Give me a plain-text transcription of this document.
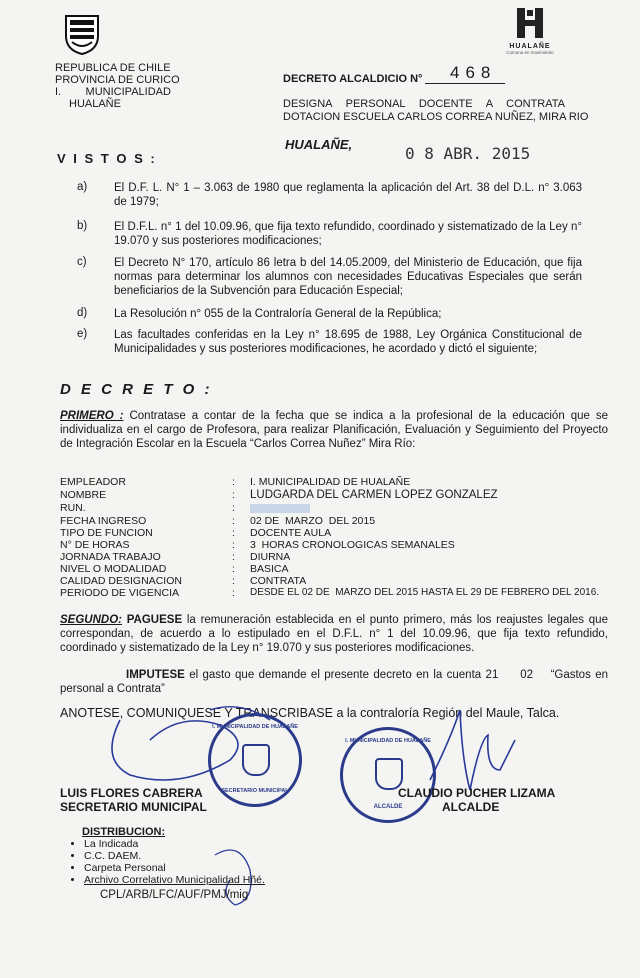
REPUBLICA DE CHILE
PROVINCIA DE CURICO
I.        MUNICIPALIDAD
HUALAÑE
HUALAÑE
Comuna en movimiento
DECRETO ALCALDICIO N° 468
DESIGNA PERSONAL DOCENTE A CONTRATA
DOTACION ESCUELA CARLOS CORREA NUÑEZ, MIRA RIO
HUALAÑE,	0 8 ABR. 2015
V I S T O S :
a) El D.F. L. N° 1 – 3.063 de 1980 que reglamenta la aplicación del Art. 38 del D.L. n° 3.063 de 1979;
b) El D.F.L. n° 1 del 10.09.96, que fija texto refundido, coordinado y sistematizado de la Ley n° 19.070 y sus posteriores modificaciones;
c) El Decreto N° 170, artículo 86 letra b del 14.05.2009, del Ministerio de Educación, que fija normas para determinar los alumnos con necesidades Educativas Especiales que serán beneficiarios de la Subvención para Educación Especial;
d) La Resolución n° 055 de la Contraloría General de la República;
e) Las facultades conferidas en la Ley n° 18.695 de 1988, Ley Orgánica Constitucional de Municipalidades y sus posteriores modificaciones, he acordado y dictó el siguiente;
D E C R E T O :
PRIMERO : Contratase a contar de la fecha que se indica a la profesional de la educación que se individualiza en el cargo de Profesora, para realizar Planificación, Evaluación y Seguimiento del Proyecto de Integración Escolar en la Escuela “Carlos Correa Nuñez” Mira Río:
EMPLEADOR	: I. MUNICIPALIDAD DE HUALAÑE
NOMBRE	: LUDGARDA DEL CARMEN LOPEZ GONZALEZ
RUN.	:
FECHA INGRESO	: 02 DE  MARZO  DEL 2015
TIPO DE FUNCION	: DOCENTE AULA
N° DE HORAS	: 3  HORAS CRONOLOGICAS SEMANALES
JORNADA TRABAJO	: DIURNA
NIVEL O MODALIDAD	: BASICA
CALIDAD DESIGNACION	: CONTRATA
PERIODO DE VIGENCIA	: DESDE EL 02 DE  MARZO DEL 2015 HASTA EL 29 DE FEBRERO DEL 2016.
SEGUNDO: PAGUESE la remuneración establecida en el punto primero, más los reajustes legales que correspondan, de acuerdo a lo estipulado en el D.F.L. n° 1 del 10.09.96, que fija texto refundido, coordinado y sistematizado de la Ley n° 19.070 y sus posteriores modificaciones.
IMPUTESE el gasto que demande el presente decreto en la cuenta 21     02    “Gastos en personal a Contrata”
ANOTESE, COMUNIQUESE Y TRANSCRIBASE a la contraloría Región del Maule, Talca.
I. MUNICIPALIDAD DE HUALAÑE
SECRETARIO MUNICIPAL
I. MUNICIPALIDAD DE HUALAÑE
ALCALDE
LUIS FLORES CABRERA
SECRETARIO MUNICIPAL
CLAUDIO PUCHER LIZAMA
ALCALDE
DISTRIBUCION:
• La Indicada
• C.C. DAEM.
• Carpeta Personal
• Archivo Correlativo Municipalidad Hñé.
CPL/ARB/LFC/AUF/PMJ/mig
